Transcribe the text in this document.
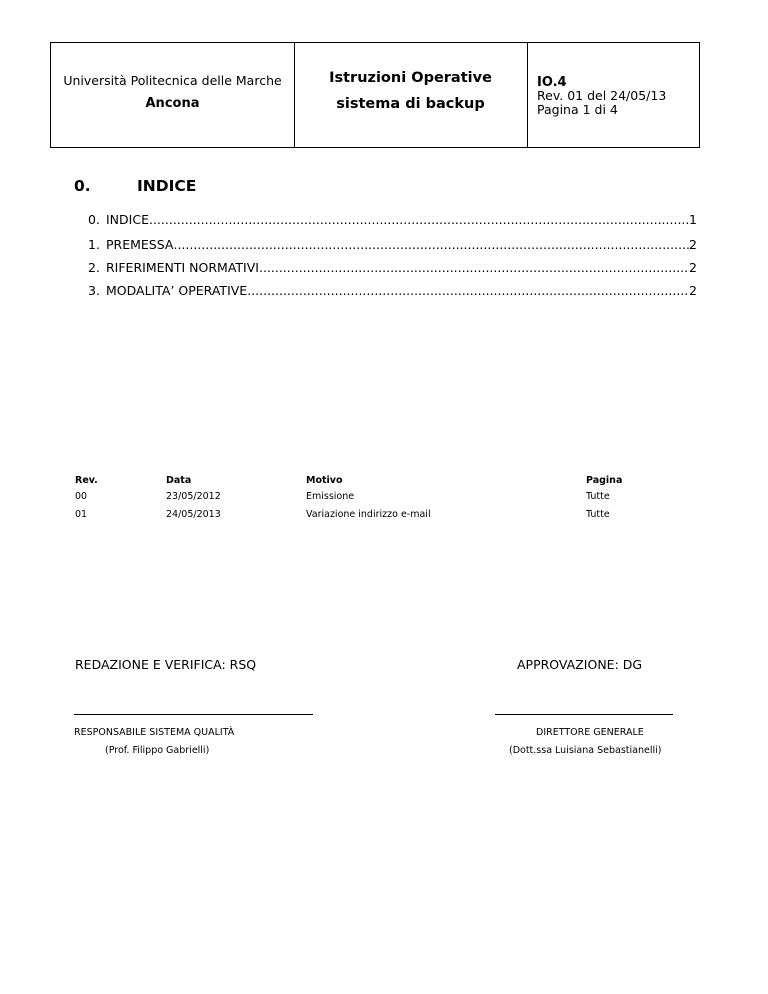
Università Politecnica delle Marche
Ancona
Istruzioni Operative
sistema di backup
IO.4
Rev. 01 del 24/05/13
Pagina 1 di 4
0.	INDICE
0. INDICE .....	1
1. PREMESSA .....	2
2. RIFERIMENTI NORMATIVI .....	2
3. MODALITA’ OPERATIVE .....	2
Rev.	Data	Motivo	Pagina
00	23/05/2012	Emissione	Tutte
01	24/05/2013	Variazione indirizzo e-mail	Tutte
REDAZIONE E VERIFICA: RSQ	APPROVAZIONE: DG
RESPONSABILE SISTEMA QUALITÀ	DIRETTORE GENERALE
(Prof. Filippo Gabrielli)	(Dott.ssa Luisiana Sebastianelli)
